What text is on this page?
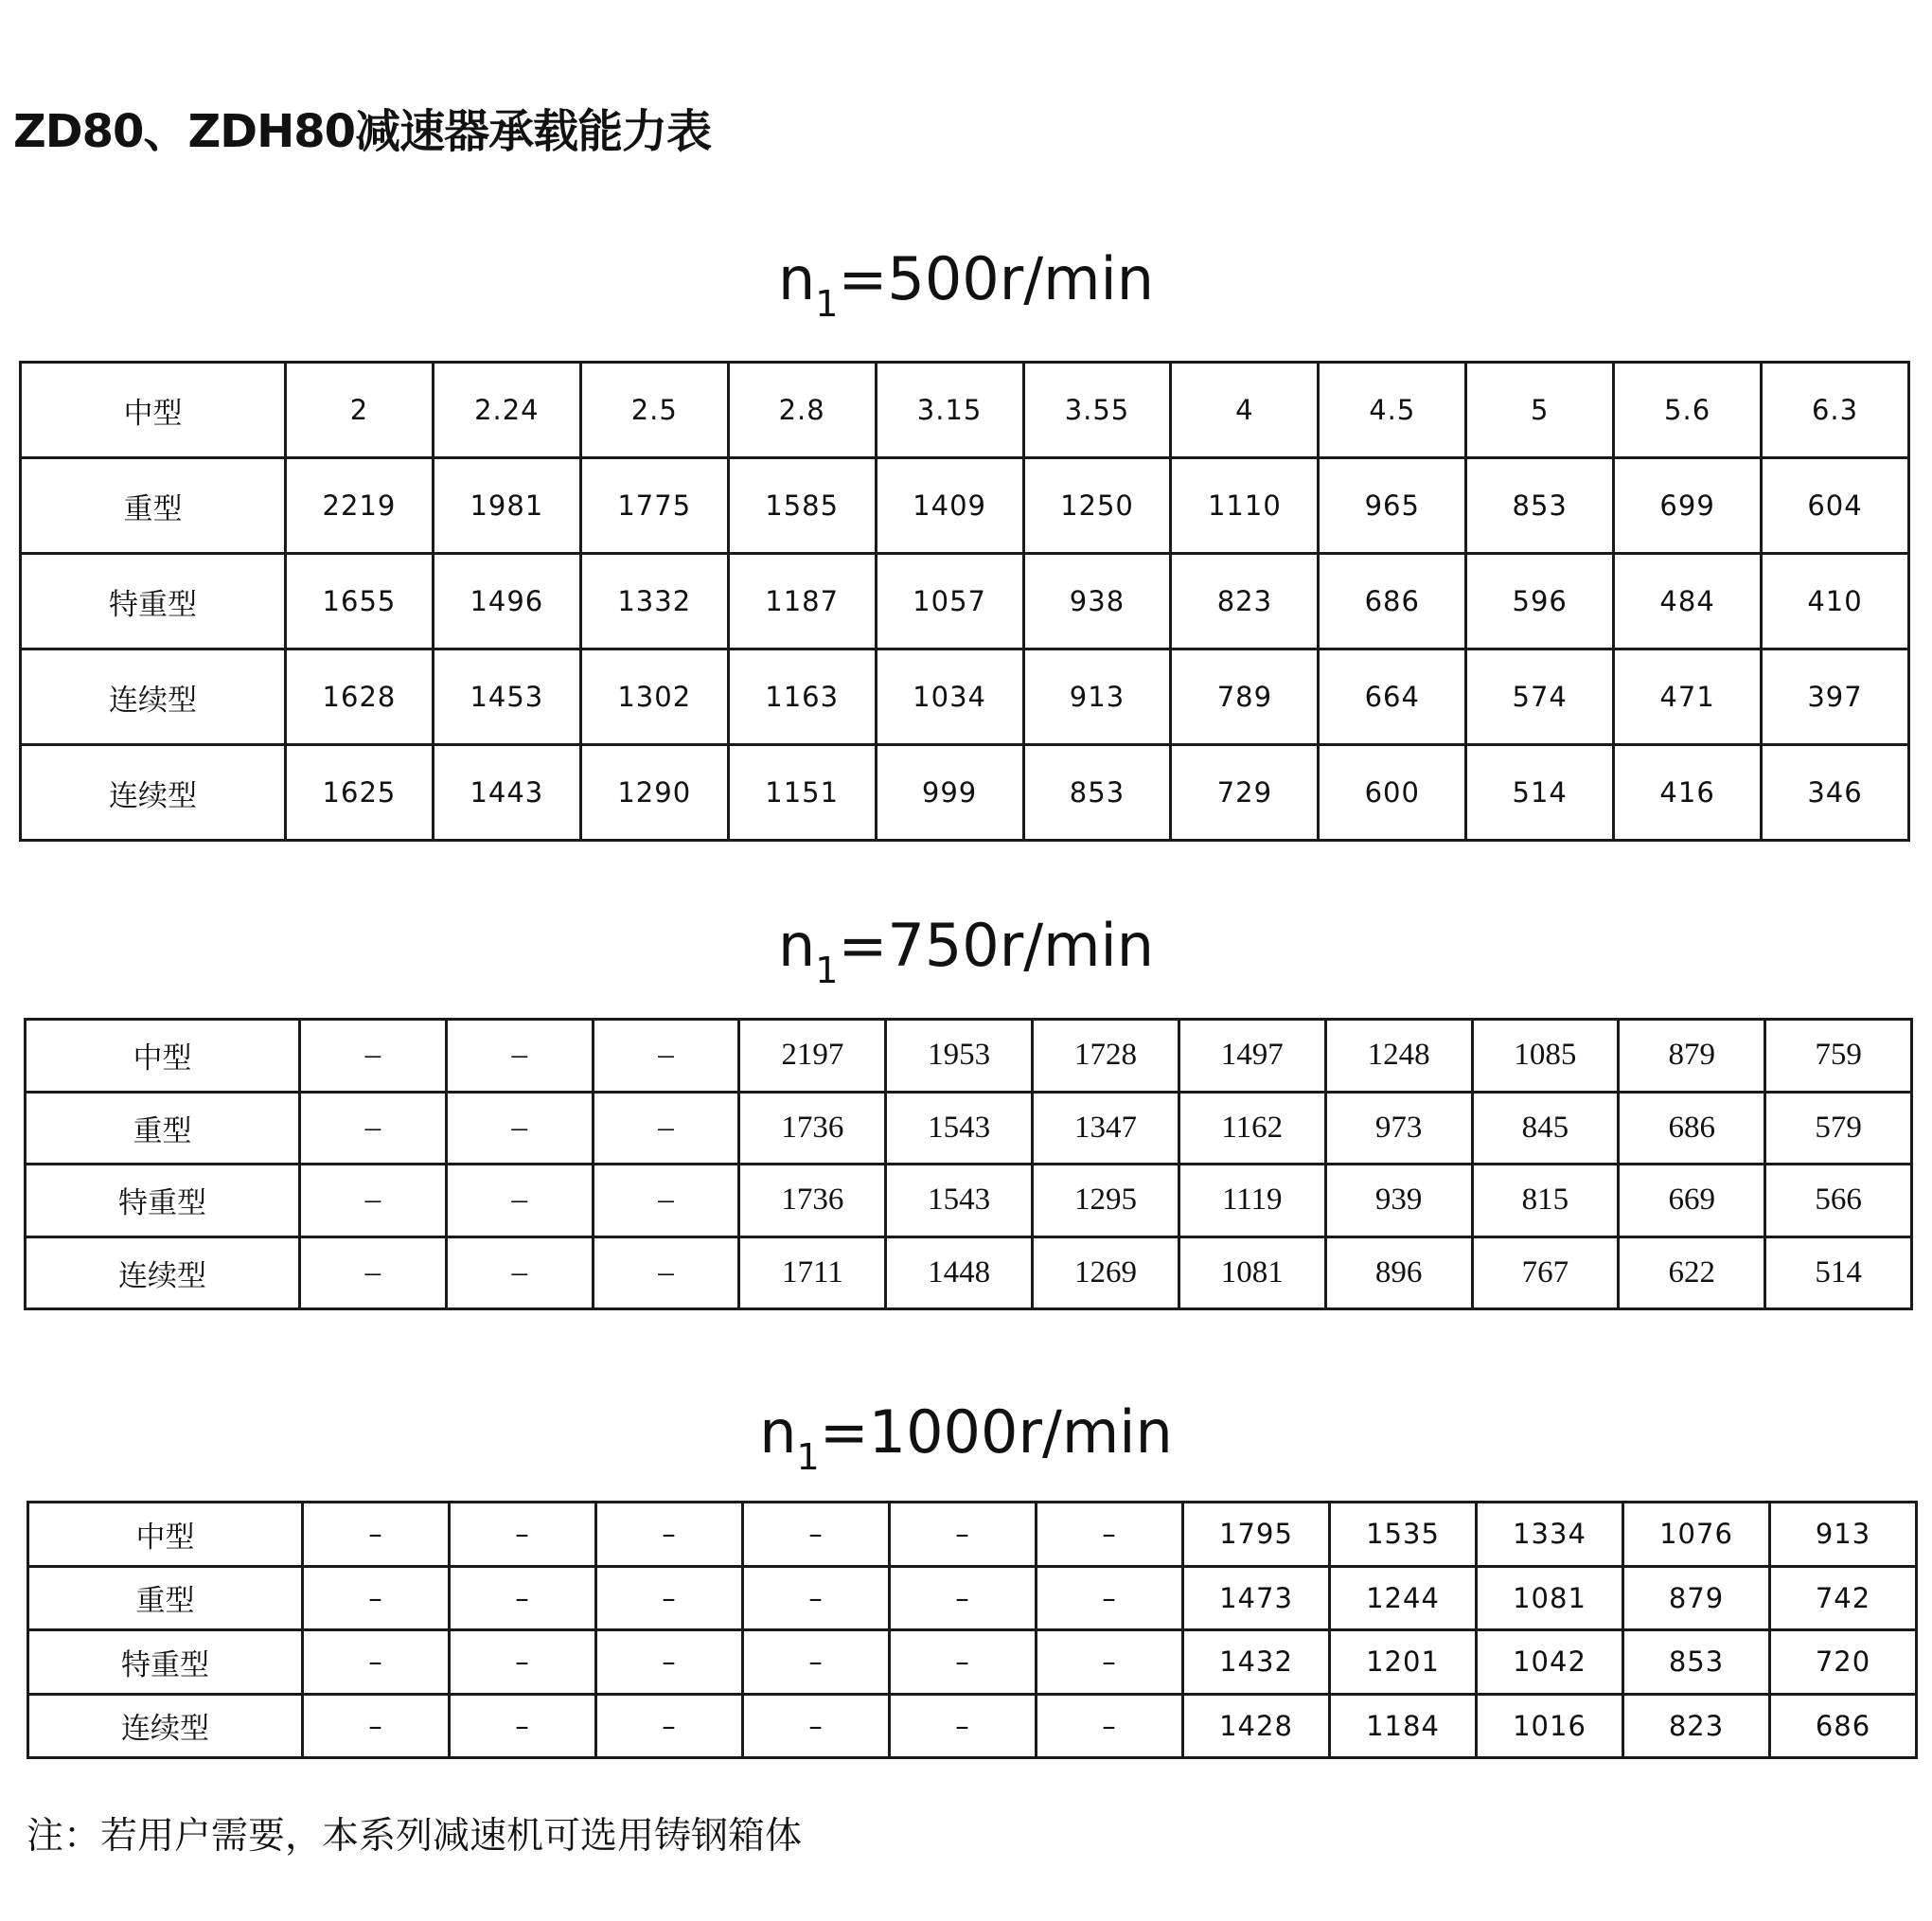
ZD80、ZDH80减速器承载能力表
$n_1=500r/\min$
中型	2	2.24	2.5	2.8	3.15	3.55	4	4.5	5	5.6	6.3
重型	2219	1981	1775	1585	1409	1250	1110	965	853	699	604
特重型	1655	1496	1332	1187	1057	938	823	686	596	484	410
连续型	1628	1453	1302	1163	1034	913	789	664	574	471	397
连续型	1625	1443	1290	1151	999	853	729	600	514	416	346
$n_1=750r/\min$
中型	–	–	–	2197	1953	1728	1497	1248	1085	879	759
重型	–	–	–	1736	1543	1347	1162	973	845	686	579
特重型	–	–	–	1736	1543	1295	1119	939	815	669	566
连续型	–	–	–	1711	1448	1269	1081	896	767	622	514
$n_1=1000r/\min$
中型	–	–	–	–	–	–	1795	1535	1334	1076	913
重型	–	–	–	–	–	–	1473	1244	1081	879	742
特重型	–	–	–	–	–	–	1432	1201	1042	853	720
连续型	–	–	–	–	–	–	1428	1184	1016	823	686
注：若用户需要，本系列减速机可选用铸钢箱体
